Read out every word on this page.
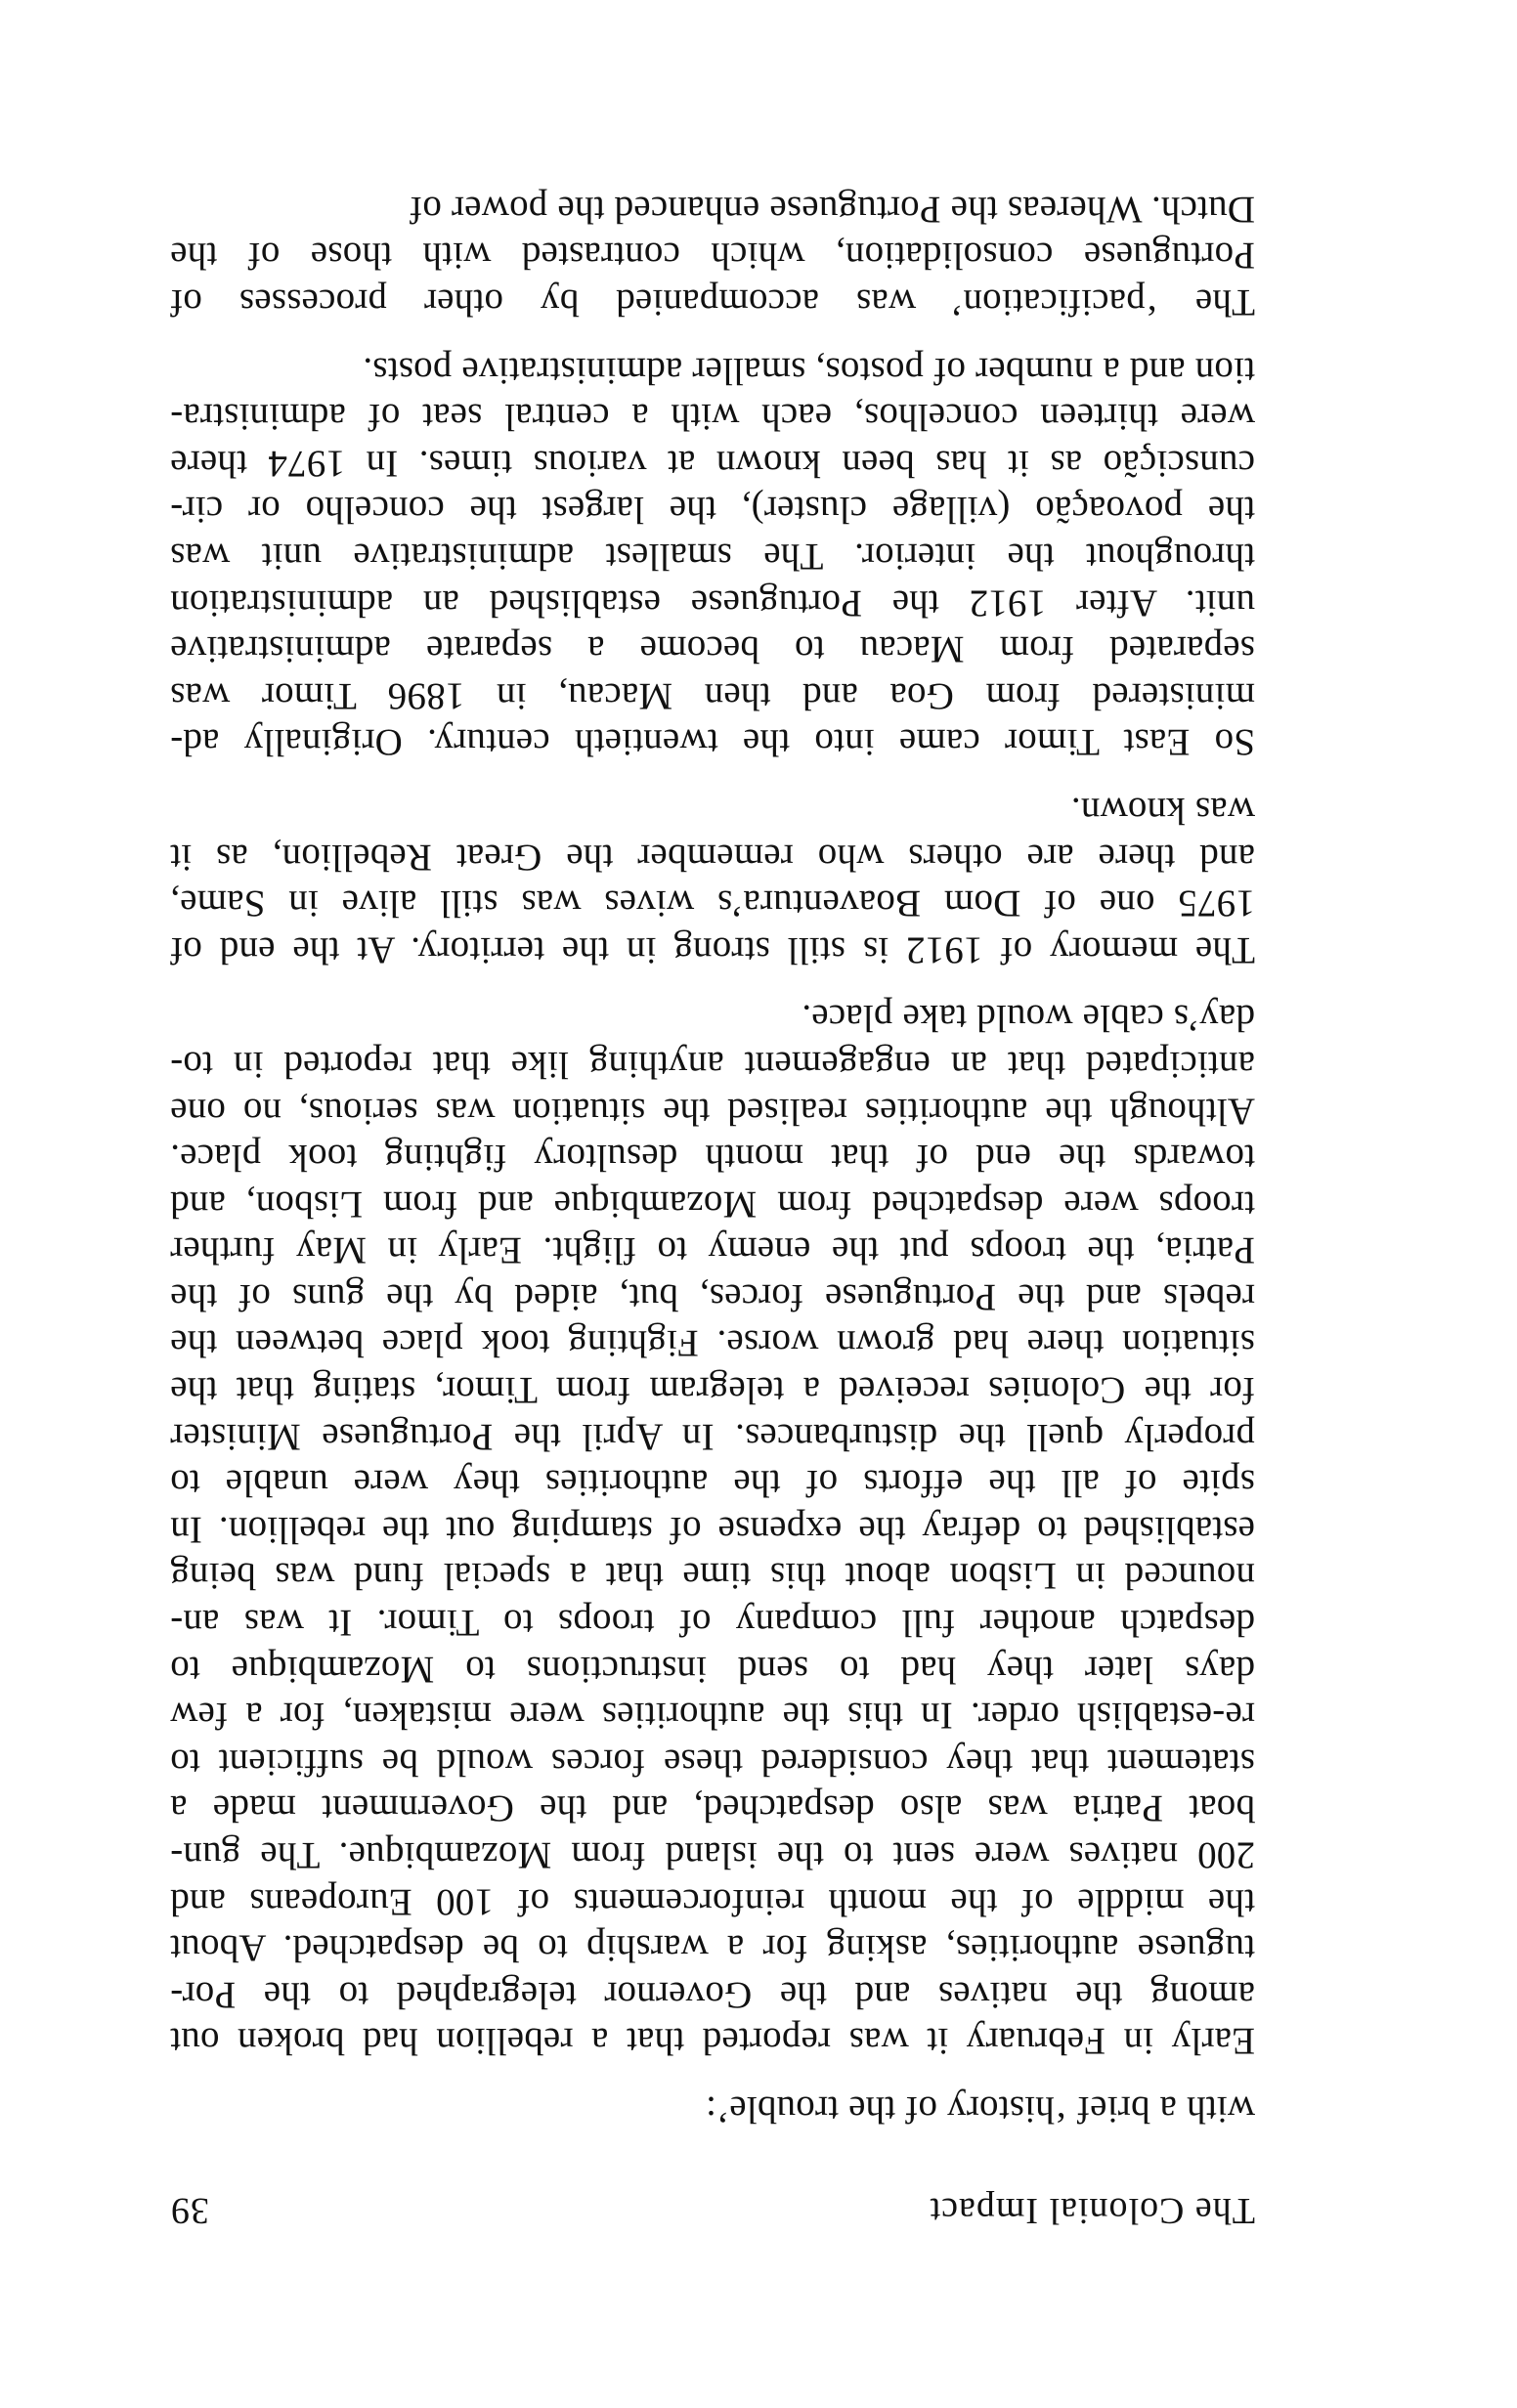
The Colonial Impact
39
with a brief ‘history of the trouble’:
Early in February it was reported that a rebellion had broken out
among the natives and the Governor telegraphed to the Por-
tuguese authorities, asking for a warship to be despatched. About
the middle of the month reinforcements of 100 Europeans and
200 natives were sent to the island from Mozambique. The gun-
boat Patria was also despatched, and the Government made a
statement that they considered these forces would be sufficient to
re-establish order. In this the authorities were mistaken, for a few
days later they had to send instructions to Mozambique to
despatch another full company of troops to Timor. It was an-
nounced in Lisbon about this time that a special fund was being
established to defray the expense of stamping out the rebellion. In
spite of all the efforts of the authorities they were unable to
properly quell the disturbances. In April the Portuguese Minister
for the Colonies received a telegram from Timor, stating that the
situation there had grown worse. Fighting took place between the
rebels and the Portuguese forces, but, aided by the guns of the
Patria, the troops put the enemy to flight. Early in May further
troops were despatched from Mozambique and from Lisbon, and
towards the end of that month desultory fighting took place.
Although the authorities realised the situation was serious, no one
anticipated that an engagement anything like that reported in to-
day’s cable would take place.
The memory of 1912 is still strong in the territory. At the end of
1975 one of Dom Boaventura’s wives was still alive in Same,
and there are others who remember the Great Rebellion, as it
was known.
So East Timor came into the twentieth century. Originally ad-
ministered from Goa and then Macau, in 1896 Timor was
separated from Macau to become a separate administrative
unit. After 1912 the Portuguese established an administration
throughout the interior. The smallest administrative unit was
the povoação (village cluster), the largest the concelho or cir-
cunscição as it has been known at various times. In 1974 there
were thirteen concelhos, each with a central seat of administra-
tion and a number of postos, smaller administrative posts.
The ‘pacification’ was accompanied by other processes of
Portuguese consolidation, which contrasted with those of the
Dutch. Whereas the Portuguese enhanced the power of
